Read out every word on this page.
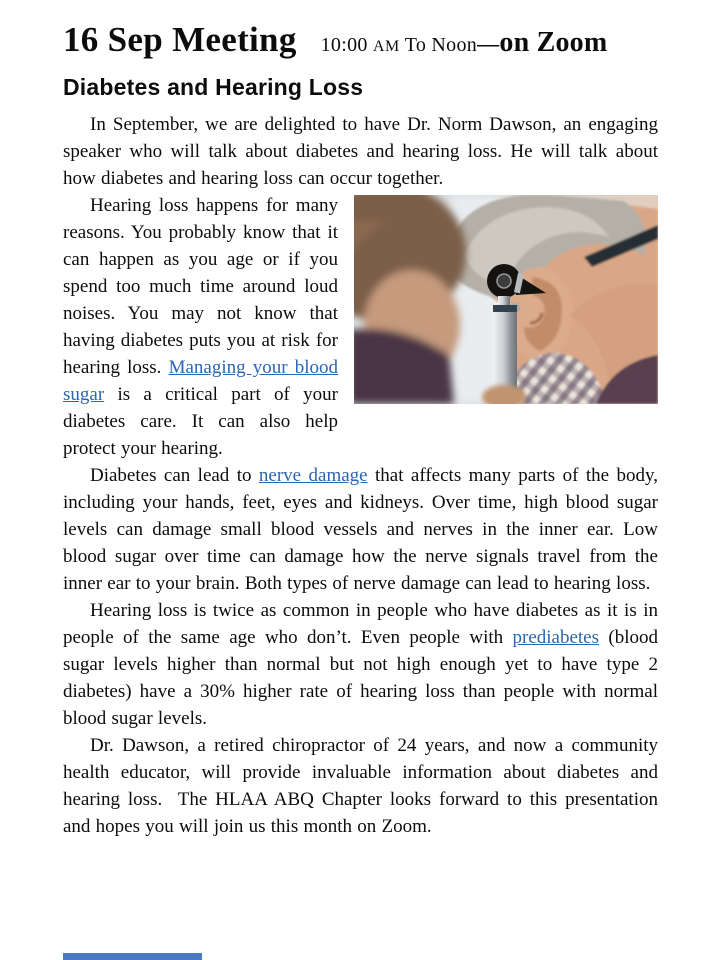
16 Sep Meeting 10:00 AM To Noon—on Zoom
Diabetes and Hearing Loss

In September, we are delighted to have Dr. Norm Dawson, an engaging speaker who will talk about diabetes and hearing loss. He will talk about how diabetes and hearing loss can occur together.

Hearing loss happens for many reasons. You probably know that it can happen as you age or if you spend too much time around loud noises. You may not know that having diabetes puts you at risk for hearing loss. Managing your blood sugar is a critical part of your diabetes care. It can also help protect your hearing.

Diabetes can lead to nerve damage that affects many parts of the body, including your hands, feet, eyes and kidneys. Over time, high blood sugar levels can damage small blood vessels and nerves in the inner ear. Low blood sugar over time can damage how the nerve signals travel from the inner ear to your brain. Both types of nerve damage can lead to hearing loss.

Hearing loss is twice as common in people who have diabetes as it is in people of the same age who don’t. Even people with prediabetes (blood sugar levels higher than normal but not high enough yet to have type 2 diabetes) have a 30% higher rate of hearing loss than people with normal blood sugar levels.

Dr. Dawson, a retired chiropractor of 24 years, and now a community health educator, will provide invaluable information about diabetes and hearing loss.  The HLAA ABQ Chapter looks forward to this presentation and hopes you will join us this month on Zoom.
